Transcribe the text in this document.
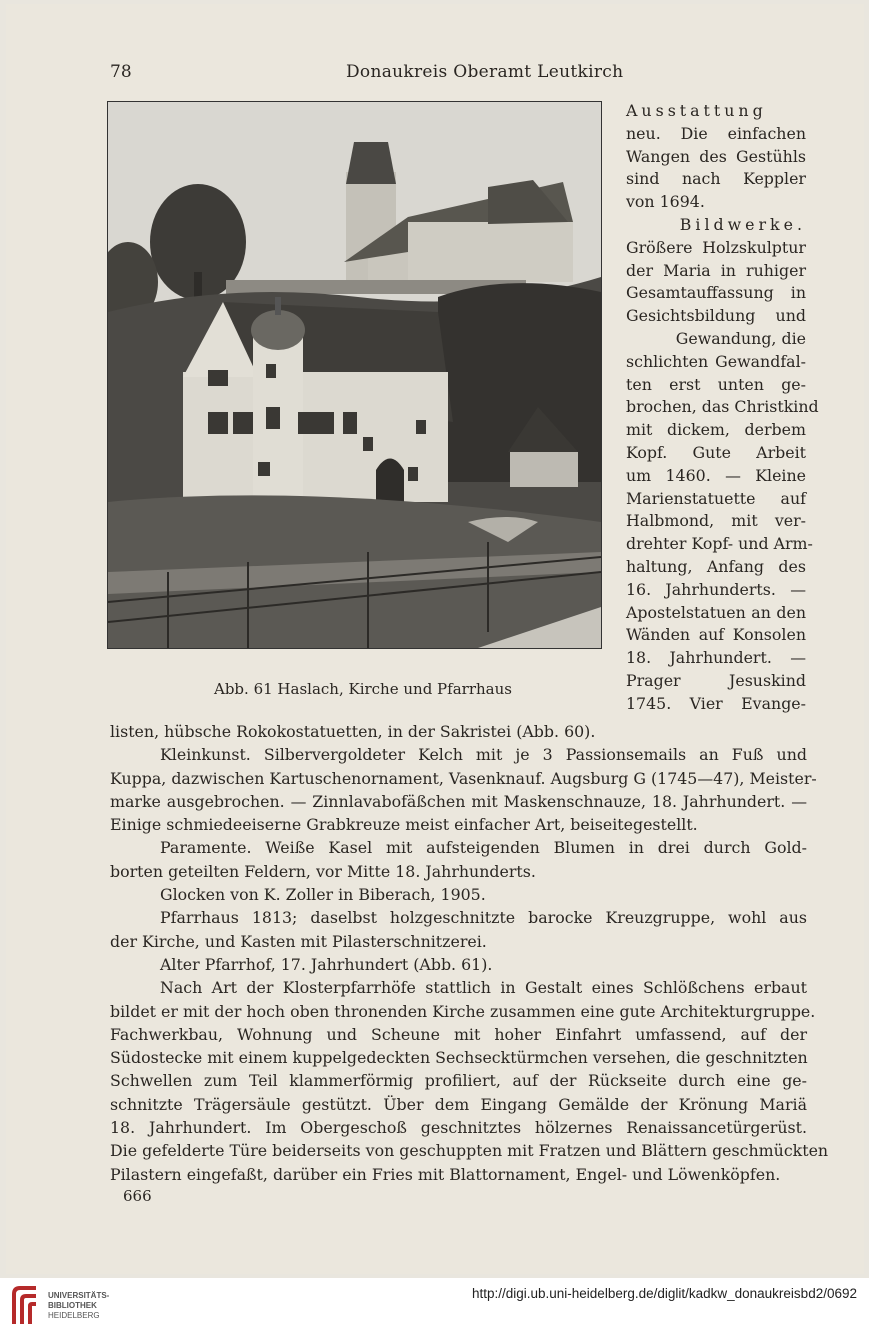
78	Donaukreis Oberamt Leutkirch
Abb. 61 Haslach, Kirche und Pfarrhaus
Ausstattung
neu. Die einfachen
Wangen des Gestühls
sind nach Keppler
von 1694.
Bildwerke.
Größere Holzskulptur
der Maria in ruhiger
Gesamtauffassung in
Gesichtsbildung und
Gewandung, die
schlichten Gewandfal-
ten erst unten ge-
brochen, das Christkind
mit dickem, derbem
Kopf. Gute Arbeit
um 1460. — Kleine
Marienstatuette auf
Halbmond, mit ver-
drehter Kopf- und Arm-
haltung, Anfang des
16. Jahrhunderts. —
Apostelstatuen an den
Wänden auf Konsolen
18. Jahrhundert. —
Prager Jesuskind
1745. Vier Evange-
listen, hübsche Rokokostatuetten, in der Sakristei (Abb. 60).
Kleinkunst. Silbervergoldeter Kelch mit je 3 Passionsemails an Fuß und
Kuppa, dazwischen Kartuschenornament, Vasenknauf. Augsburg G (1745—47), Meister-
marke ausgebrochen. — Zinnlavabofäßchen mit Maskenschnauze, 18. Jahrhundert. —
Einige schmiedeeiserne Grabkreuze meist einfacher Art, beiseitegestellt.
Paramente. Weiße Kasel mit aufsteigenden Blumen in drei durch Gold-
borten geteilten Feldern, vor Mitte 18. Jahrhunderts.
Glocken von K. Zoller in Biberach, 1905.
Pfarrhaus 1813; daselbst holzgeschnitzte barocke Kreuzgruppe, wohl aus
der Kirche, und Kasten mit Pilasterschnitzerei.
Alter Pfarrhof, 17. Jahrhundert (Abb. 61).
Nach Art der Klosterpfarrhöfe stattlich in Gestalt eines Schlößchens erbaut
bildet er mit der hoch oben thronenden Kirche zusammen eine gute Architekturgruppe.
Fachwerkbau, Wohnung und Scheune mit hoher Einfahrt umfassend, auf der
Südostecke mit einem kuppelgedeckten Sechsecktürmchen versehen, die geschnitzten
Schwellen zum Teil klammerförmig profiliert, auf der Rückseite durch eine ge-
schnitzte Trägersäule gestützt. Über dem Eingang Gemälde der Krönung Mariä
18. Jahrhundert. Im Obergeschoß geschnitztes hölzernes Renaissancetürgerüst.
Die gefelderte Türe beiderseits von geschuppten mit Fratzen und Blättern geschmückten
Pilastern eingefaßt, darüber ein Fries mit Blattornament, Engel- und Löwenköpfen.
666
UNIVERSITÄTS-
BIBLIOTHEK
HEIDELBERG
http://digi.ub.uni-heidelberg.de/diglit/kadkw_donaukreisbd2/0692
